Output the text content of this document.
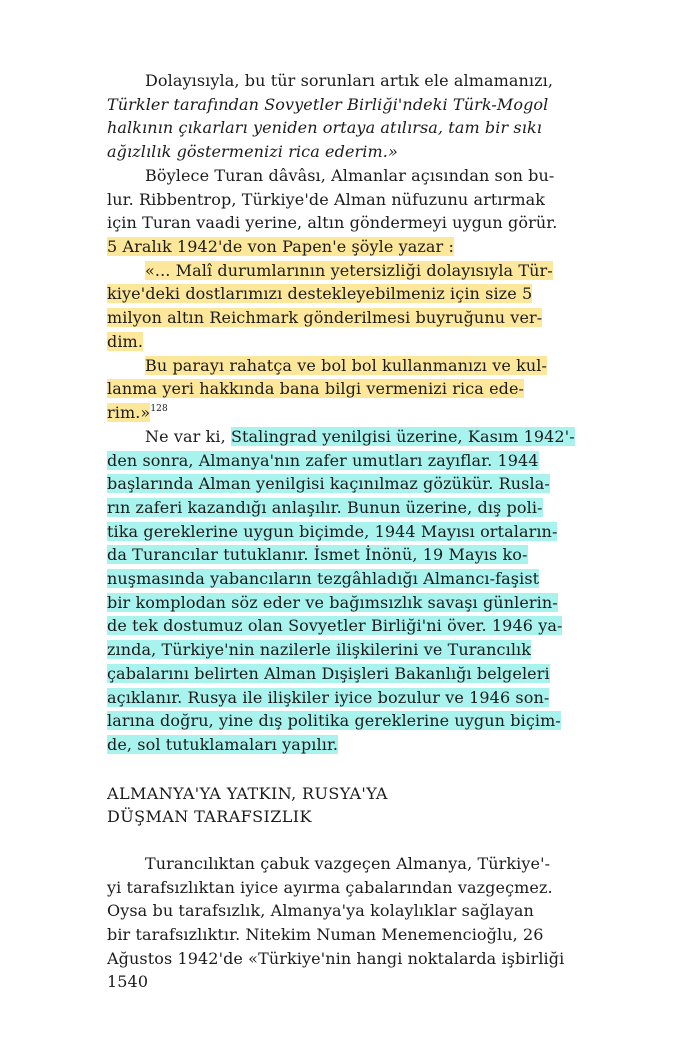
Dolayısıyla, bu tür sorunları artık ele almamanızı,
Türkler tarafından Sovyetler Birliği'ndeki Türk-Mogol
halkının çıkarları yeniden ortaya atılırsa, tam bir sıkı
ağızlılık göstermenizi rica ederim.»
Böylece Turan dâvâsı, Almanlar açısından son bu-
lur. Ribbentrop, Türkiye'de Alman nüfuzunu artırmak
için Turan vaadi yerine, altın göndermeyi uygun görür.
5 Aralık 1942'de von Papen'e şöyle yazar :
«... Malî durumlarının yetersizliği dolayısıyla Tür-
kiye'deki dostlarımızı destekleyebilmeniz için size 5
milyon altın Reichmark gönderilmesi buyruğunu ver-
dim.
Bu parayı rahatça ve bol bol kullanmanızı ve kul-
lanma yeri hakkında bana bilgi vermenizi rica ede-
rim.»$^{128}$
Ne var ki, Stalingrad yenilgisi üzerine, Kasım 1942'-
den sonra, Almanya'nın zafer umutları zayıflar. 1944
başlarında Alman yenilgisi kaçınılmaz gözükür. Rusla-
rın zaferi kazandığı anlaşılır. Bunun üzerine, dış poli-
tika gereklerine uygun biçimde, 1944 Mayısı ortaların-
da Turancılar tutuklanır. İsmet İnönü, 19 Mayıs ko-
nuşmasında yabancıların tezgâhladığı Almancı-faşist
bir komplodan söz eder ve bağımsızlık savaşı günlerin-
de tek dostumuz olan Sovyetler Birliği'ni över. 1946 ya-
zında, Türkiye'nin nazilerle ilişkilerini ve Turancılık
çabalarını belirten Alman Dışişleri Bakanlığı belgeleri
açıklanır. Rusya ile ilişkiler iyice bozulur ve 1946 son-
larına doğru, yine dış politika gereklerine uygun biçim-
de, sol tutuklamaları yapılır.
ALMANYA'YA YATKIN, RUSYA'YA
DÜŞMAN TARAFSIZLIK
Turancılıktan çabuk vazgeçen Almanya, Türkiye'-
yi tarafsızlıktan iyice ayırma çabalarından vazgeçmez.
Oysa bu tarafsızlık, Almanya'ya kolaylıklar sağlayan
bir tarafsızlıktır. Nitekim Numan Menemencioğlu, 26
Ağustos 1942'de «Türkiye'nin hangi noktalarda işbirliği
1540
